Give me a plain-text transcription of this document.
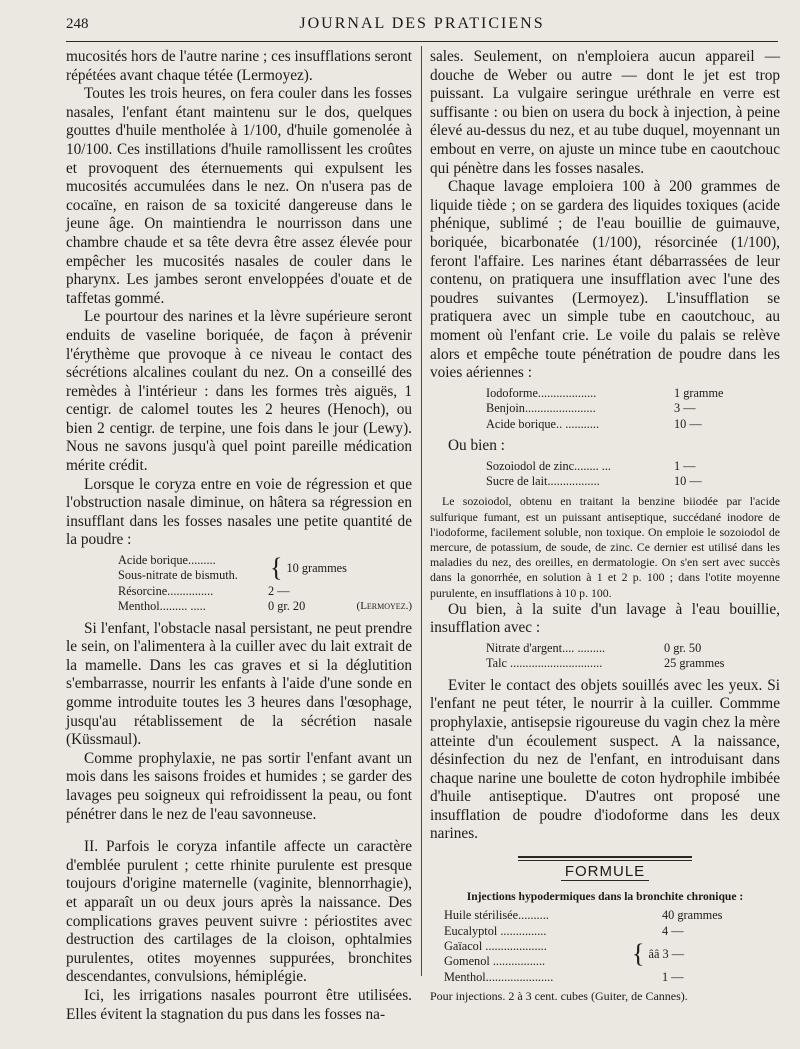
248	JOURNAL DES PRATICIENS

mucosités hors de l'autre narine ; ces insufflations seront répétées avant chaque tétée (Lermoyez).

Toutes les trois heures, on fera couler dans les fosses nasales, l'enfant étant maintenu sur le dos, quelques gouttes d'huile mentholée à 1/100, d'huile gomenolée à 10/100. Ces instillations d'huile ramollissent les croûtes et provoquent des éternuements qui expulsent les mucosités accumulées dans le nez. On n'usera pas de cocaïne, en raison de sa toxicité dangereuse dans le jeune âge. On maintiendra le nourrisson dans une chambre chaude et sa tête devra être assez élevée pour empêcher les mucosités nasales de couler dans le pharynx. Les jambes seront enveloppées d'ouate et de taffetas gommé.

Le pourtour des narines et la lèvre supérieure seront enduits de vaseline boriquée, de façon à prévenir l'érythème que provoque à ce niveau le contact des sécrétions alcalines coulant du nez. On a conseillé des remèdes à l'intérieur : dans les formes très aiguës, 1 centigr. de calomel toutes les 2 heures (Henoch), ou bien 2 centigr. de terpine, une fois dans le jour (Lewy). Nous ne savons jusqu'à quel point pareille médication mérite crédit.

Lorsque le coryza entre en voie de régression et que l'obstruction nasale diminue, on hâtera sa régression en insufflant dans les fosses nasales une petite quantité de la poudre :

Acide borique.........
Sous-nitrate de bismuth.	{ 10 grammes
Résorcine...............	2 —
Menthol......... .....	0 gr. 20	(Lermoyez.)

Si l'enfant, l'obstacle nasal persistant, ne peut prendre le sein, on l'alimentera à la cuiller avec du lait extrait de la mamelle. Dans les cas graves et si la déglutition s'embarrasse, nourrir les enfants à l'aide d'une sonde en gomme introduite toutes les 3 heures dans l'œsophage, jusqu'au rétablissement de la sécrétion nasale (Küssmaul).

Comme prophylaxie, ne pas sortir l'enfant avant un mois dans les saisons froides et humides ; se garder des lavages peu soigneux qui refroidissent la peau, ou font pénétrer dans le nez de l'eau savonneuse.

II. Parfois le coryza infantile affecte un caractère d'emblée purulent ; cette rhinite purulente est presque toujours d'origine maternelle (vaginite, blennorrhagie), et apparaît un ou deux jours après la naissance. Des complications graves peuvent suivre : périostites avec destruction des cartilages de la cloison, ophtalmies purulentes, otites moyennes suppurées, bronchites descendantes, convulsions, hémiplégie.

Ici, les irrigations nasales pourront être utilisées. Elles évitent la stagnation du pus dans les fosses na-

sales. Seulement, on n'emploiera aucun appareil — douche de Weber ou autre — dont le jet est trop puissant. La vulgaire seringue uréthrale en verre est suffisante : ou bien on usera du bock à injection, à peine élevé au-dessus du nez, et au tube duquel, moyennant un embout en verre, on ajuste un mince tube en caoutchouc qui pénètre dans les fosses nasales.

Chaque lavage emploiera 100 à 200 grammes de liquide tiède ; on se gardera des liquides toxiques (acide phénique, sublimé ; de l'eau bouillie de guimauve, boriquée, bicarbonatée (1/100), résorcinée (1/100), feront l'affaire. Les narines étant débarrassées de leur contenu, on pratiquera une insufflation avec l'une des poudres suivantes (Lermoyez). L'insufflation se pratiquera avec un simple tube en caoutchouc, au moment où l'enfant crie. Le voile du palais se relève alors et empêche toute pénétration de poudre dans les voies aériennes :

Iodoforme...................	1 gramme
Benjoin.......................	3 —
Acide borique.. ...........	10 —

Ou bien :

Sozoiodol de zinc........ ...	1 —
Sucre de lait.................	10 —

Le sozoiodol, obtenu en traitant la benzine biiodée par l'acide sulfurique fumant, est un puissant antiseptique, succédané inodore de l'iodoforme, facilement soluble, non toxique. On emploie le sozoiodol de mercure, de potassium, de soude, de zinc. Ce dernier est utilisé dans les maladies du nez, des oreilles, en dermatologie. On s'en sert avec succès dans la gonorrhée, en solution à 1 et 2 p. 100 ; dans l'otite moyenne purulente, en insufflations à 10 p. 100.

Ou bien, à la suite d'un lavage à l'eau bouillie, insufflation avec :

Nitrate d'argent.... .........	0 gr. 50
Talc ..............................	25 grammes

Eviter le contact des objets souillés avec les yeux. Si l'enfant ne peut téter, le nourrir à la cuiller. Commme prophylaxie, antisepsie rigoureuse du vagin chez la mère atteinte d'un écoulement suspect. A la naissance, désinfection du nez de l'enfant, en introduisant dans chaque narine une boulette de coton hydrophile imbibée d'huile antiseptique. D'autres ont proposé une insufflation de poudre d'iodoforme dans les deux narines.

FORMULE
Injections hypodermiques dans la bronchite chronique :
Huile stérilisée..........	40 grammes
Eucalyptol ...............	4 —
Gaïacol ....................
Gomenol .................	{ ââ 3 —
Menthol......................	1 —
Pour injections. 2 à 3 cent. cubes (Guiter, de Cannes).
